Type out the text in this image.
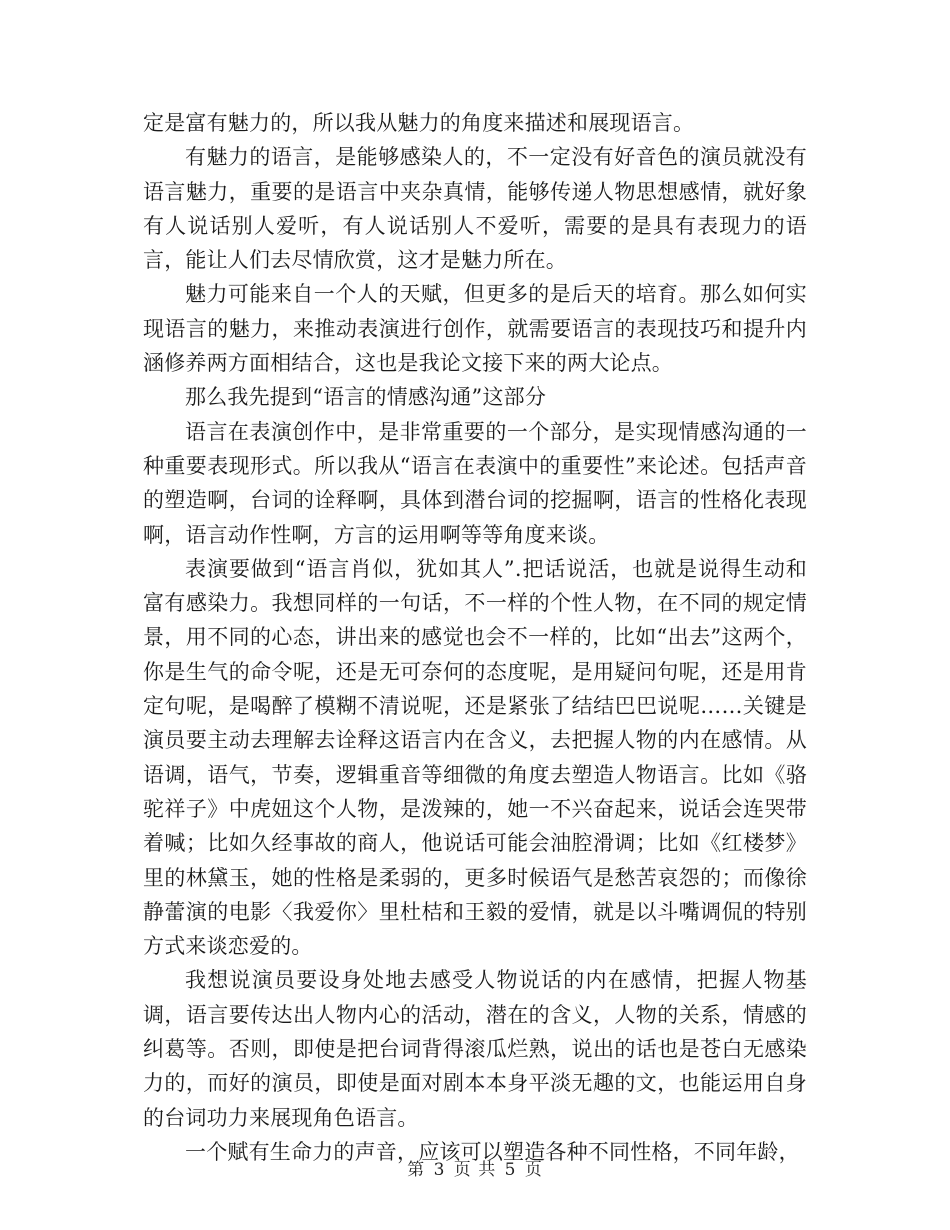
定是富有魅力的，所以我从魅力的角度来描述和展现语言。

有魅力的语言，是能够感染人的，不一定没有好音色的演员就没有语言魅力，重要的是语言中夹杂真情，能够传递人物思想感情，就好象有人说话别人爱听，有人说话别人不爱听，需要的是具有表现力的语言，能让人们去尽情欣赏，这才是魅力所在。

魅力可能来自一个人的天赋，但更多的是后天的培育。那么如何实现语言的魅力，来推动表演进行创作，就需要语言的表现技巧和提升内涵修养两方面相结合，这也是我论文接下来的两大论点。

那么我先提到“语言的情感沟通”这部分

语言在表演创作中，是非常重要的一个部分，是实现情感沟通的一种重要表现形式。所以我从“语言在表演中的重要性”来论述。包括声音的塑造啊，台词的诠释啊，具体到潜台词的挖掘啊，语言的性格化表现啊，语言动作性啊，方言的运用啊等等角度来谈。

表演要做到“语言肖似，犹如其人”.把话说活，也就是说得生动和富有感染力。我想同样的一句话，不一样的个性人物，在不同的规定情景，用不同的心态，讲出来的感觉也会不一样的，比如“出去”这两个，你是生气的命令呢，还是无可奈何的态度呢，是用疑问句呢，还是用肯定句呢，是喝醉了模糊不清说呢，还是紧张了结结巴巴说呢……关键是演员要主动去理解去诠释这语言内在含义，去把握人物的内在感情。从语调，语气，节奏，逻辑重音等细微的角度去塑造人物语言。比如《骆驼祥子》中虎妞这个人物，是泼辣的，她一不兴奋起来，说话会连哭带着喊；比如久经事故的商人，他说话可能会油腔滑调；比如《红楼梦》里的林黛玉，她的性格是柔弱的，更多时候语气是愁苦哀怨的；而像徐静蕾演的电影〈我爱你〉里杜桔和王毅的爱情，就是以斗嘴调侃的特别方式来谈恋爱的。

我想说演员要设身处地去感受人物说话的内在感情，把握人物基调，语言要传达出人物内心的活动，潜在的含义，人物的关系，情感的纠葛等。否则，即使是把台词背得滚瓜烂熟，说出的话也是苍白无感染力的，而好的演员，即使是面对剧本本身平淡无趣的文，也能运用自身的台词功力来展现角色语言。

一个赋有生命力的声音，应该可以塑造各种不同性格，不同年龄，

第 3 页 共 5 页
